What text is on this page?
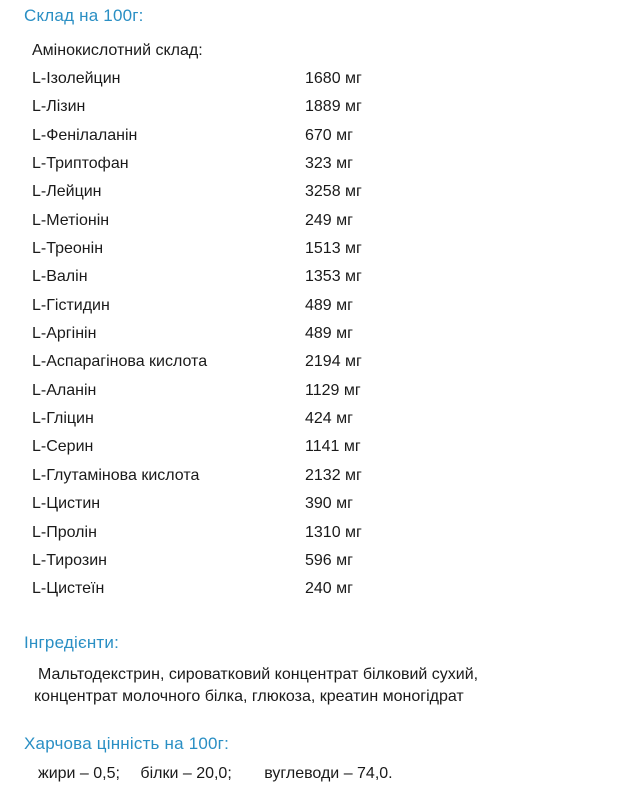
Склад на 100г:

Амінокислотний склад:

L-Ізолейцин	1680 мг
L-Лізин	1889 мг
L-Фенілаланін	670 мг
L-Триптофан	323 мг
L-Лейцин	3258 мг
L-Метіонін	249 мг
L-Треонін	1513 мг
L-Валін	1353 мг
L-Гістидин	489 мг
L-Аргінін	489 мг
L-Аспарагінова кислота	2194 мг
L-Аланін	1129 мг
L-Гліцин	424 мг
L-Серин	1141 мг
L-Глутамінова кислота	2132 мг
L-Цистин	390 мг
L-Пролін	1310 мг
L-Тирозин	596 мг
L-Цистеїн	240 мг
Інгредієнти:

Мальтодекстрин, сироватковий концентрат білковий сухий,
концентрат молочного білка, глюкоза, креатин моногідрат

Харчова цінність на 100г:

жири – 0,5; білки – 20,0; вуглеводи – 74,0.
